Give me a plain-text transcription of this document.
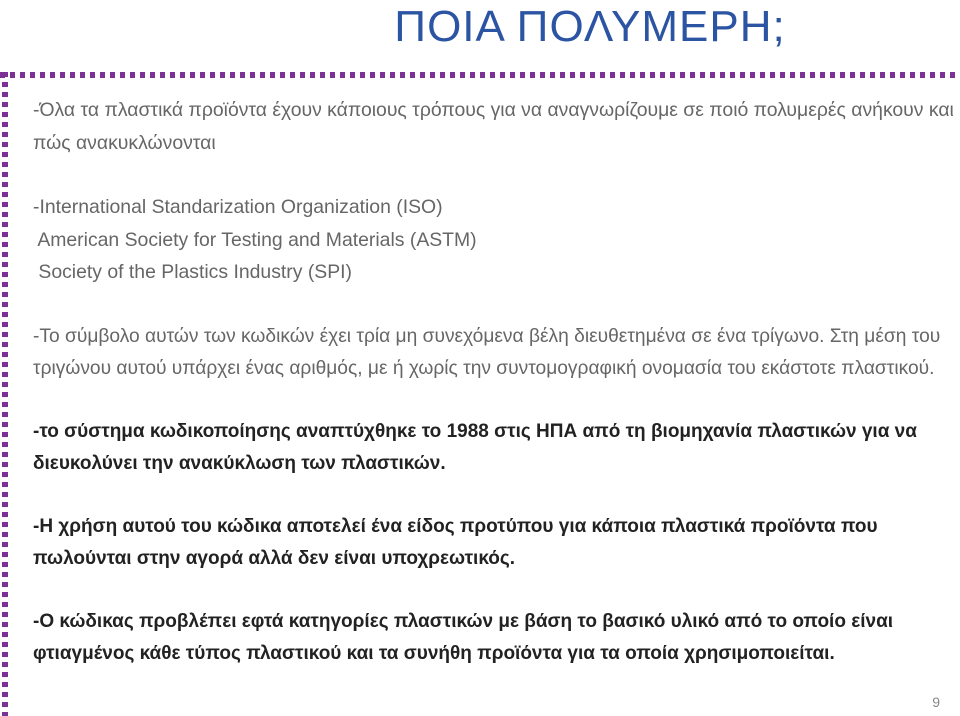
ΠΟΙΑ ΠΟΛΥΜΕΡΗ;

-Όλα τα πλαστικά προϊόντα έχουν κάποιους τρόπους για να αναγνωρίζουμε σε ποιό πολυμερές ανήκουν και πώς ανακυκλώνονται

-International Standarization Organization (ISO)

American Society for Testing and Materials (ASTM)

Society of the Plastics Industry (SPI)

-Το σύμβολο αυτών των κωδικών έχει τρία μη συνεχόμενα βέλη διευθετημένα σε ένα τρίγωνο. Στη μέση του τριγώνου αυτού υπάρχει ένας αριθμός, με ή χωρίς την συντομογραφική ονομασία του εκάστοτε πλαστικού.

-το σύστημα κωδικοποίησης αναπτύχθηκε το 1988 στις ΗΠΑ από τη βιομηχανία πλαστικών για να διευκολύνει την ανακύκλωση των πλαστικών.

-Η χρήση αυτού του κώδικα αποτελεί ένα είδος προτύπου για κάποια πλαστικά προϊόντα που πωλούνται στην αγορά αλλά δεν είναι υποχρεωτικός.

-Ο κώδικας προβλέπει εφτά κατηγορίες πλαστικών με βάση το βασικό υλικό από το οποίο είναι φτιαγμένος κάθε τύπος πλαστικού και τα συνήθη προϊόντα για τα οποία χρησιμοποιείται.

9
